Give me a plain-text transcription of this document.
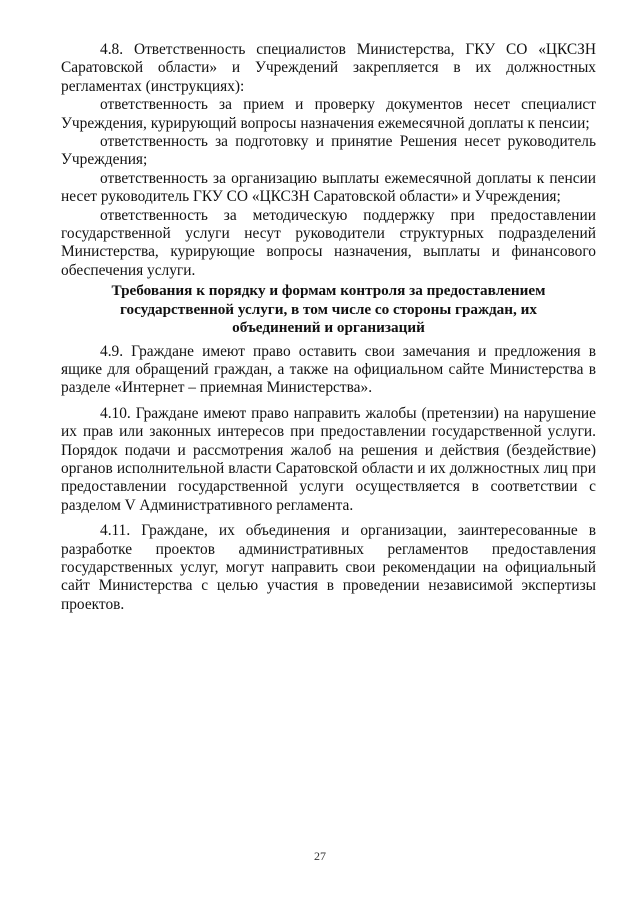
4.8. Ответственность специалистов Министерства, ГКУ СО «ЦКСЗН Саратовской области» и Учреждений закрепляется в их должностных регламентах (инструкциях):

ответственность за прием и проверку документов несет специалист Учреждения, курирующий вопросы назначения ежемесячной доплаты к пенсии;

ответственность за подготовку и принятие Решения несет руководитель Учреждения;

ответственность за организацию выплаты ежемесячной доплаты к пенсии несет руководитель ГКУ СО «ЦКСЗН Саратовской области» и Учреждения;

ответственность за методическую поддержку при предоставлении государственной услуги несут руководители структурных подразделений Министерства, курирующие вопросы назначения, выплаты и финансового обеспечения услуги.

Требования к порядку и формам контроля за предоставлением государственной услуги, в том числе со стороны граждан, их объединений и организаций

4.9. Граждане имеют право оставить свои замечания и предложения в ящике для обращений граждан, а также на официальном сайте Министерства в разделе «Интернет – приемная Министерства».

4.10. Граждане имеют право направить жалобы (претензии) на нарушение их прав или законных интересов при предоставлении государственной услуги. Порядок подачи и рассмотрения жалоб на решения и действия (бездействие) органов исполнительной власти Саратовской области и их должностных лиц при предоставлении государственной услуги осуществляется в соответствии с разделом V Административного регламента.

4.11. Граждане, их объединения и организации, заинтересованные в разработке проектов административных регламентов предоставления государственных услуг, могут направить свои рекомендации на официальный сайт Министерства с целью участия в проведении независимой экспертизы проектов.

27
